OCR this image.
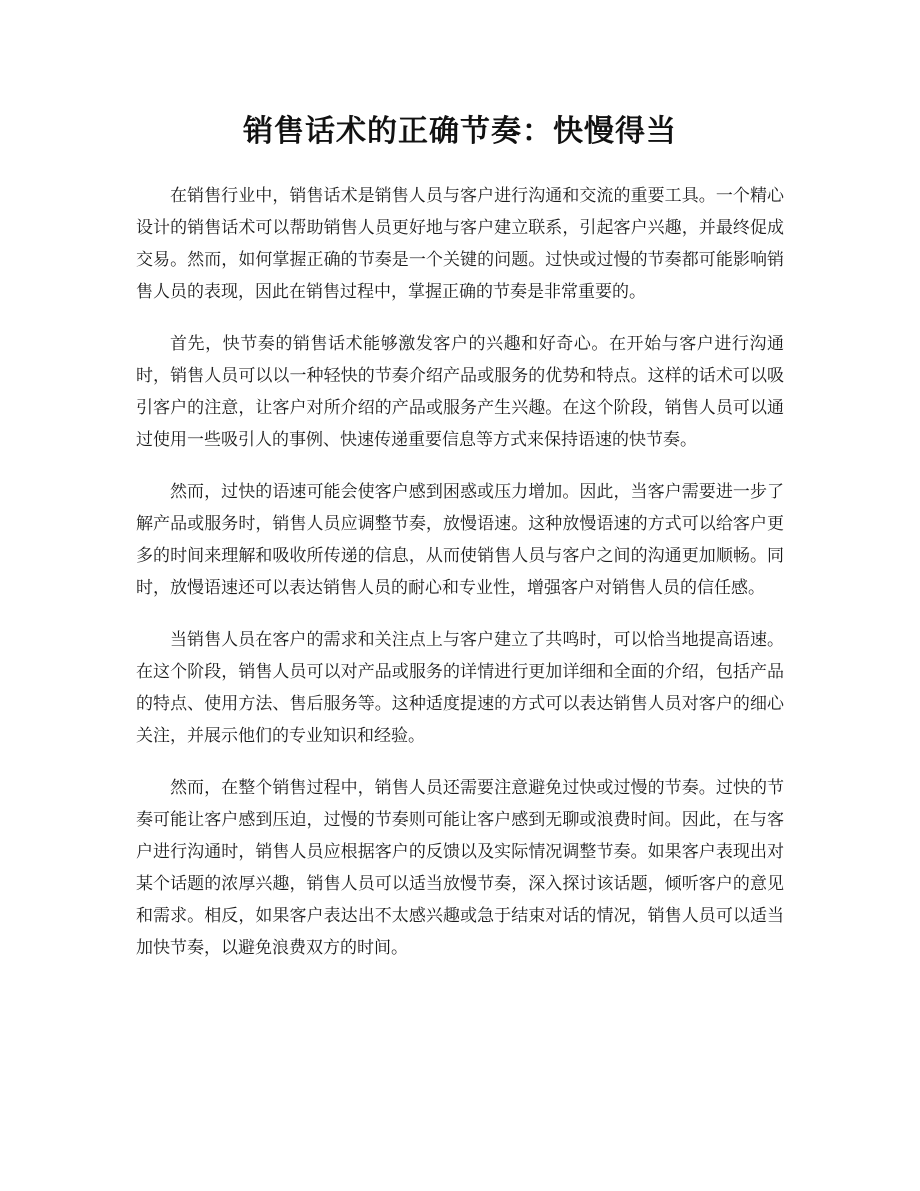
销售话术的正确节奏：快慢得当

在销售行业中，销售话术是销售人员与客户进行沟通和交流的重要工具。一个精心设计的销售话术可以帮助销售人员更好地与客户建立联系，引起客户兴趣，并最终促成交易。然而，如何掌握正确的节奏是一个关键的问题。过快或过慢的节奏都可能影响销售人员的表现，因此在销售过程中，掌握正确的节奏是非常重要的。

首先，快节奏的销售话术能够激发客户的兴趣和好奇心。在开始与客户进行沟通时，销售人员可以以一种轻快的节奏介绍产品或服务的优势和特点。这样的话术可以吸引客户的注意，让客户对所介绍的产品或服务产生兴趣。在这个阶段，销售人员可以通过使用一些吸引人的事例、快速传递重要信息等方式来保持语速的快节奏。

然而，过快的语速可能会使客户感到困惑或压力增加。因此，当客户需要进一步了解产品或服务时，销售人员应调整节奏，放慢语速。这种放慢语速的方式可以给客户更多的时间来理解和吸收所传递的信息，从而使销售人员与客户之间的沟通更加顺畅。同时，放慢语速还可以表达销售人员的耐心和专业性，增强客户对销售人员的信任感。

当销售人员在客户的需求和关注点上与客户建立了共鸣时，可以恰当地提高语速。在这个阶段，销售人员可以对产品或服务的详情进行更加详细和全面的介绍，包括产品的特点、使用方法、售后服务等。这种适度提速的方式可以表达销售人员对客户的细心关注，并展示他们的专业知识和经验。

然而，在整个销售过程中，销售人员还需要注意避免过快或过慢的节奏。过快的节奏可能让客户感到压迫，过慢的节奏则可能让客户感到无聊或浪费时间。因此，在与客户进行沟通时，销售人员应根据客户的反馈以及实际情况调整节奏。如果客户表现出对某个话题的浓厚兴趣，销售人员可以适当放慢节奏，深入探讨该话题，倾听客户的意见和需求。相反，如果客户表达出不太感兴趣或急于结束对话的情况，销售人员可以适当加快节奏，以避免浪费双方的时间。
